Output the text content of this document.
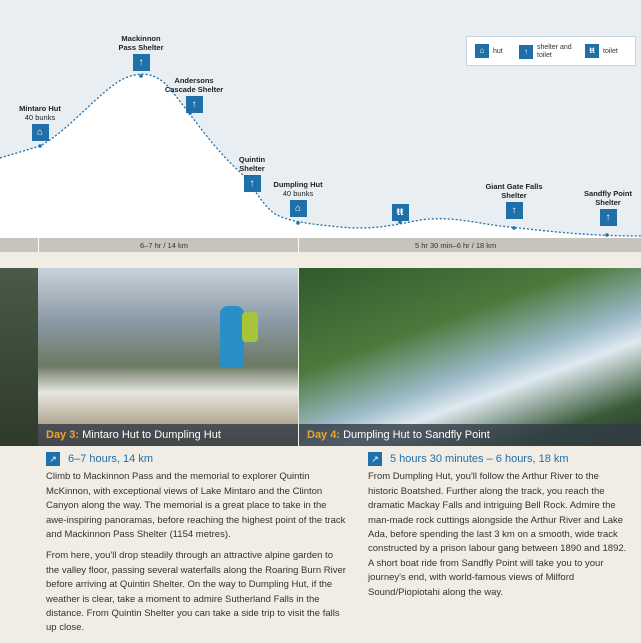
Mintaro Hut
40 bunks
⌂
Mackinnon Pass Shelter
↑
Andersons Cascade Shelter
↑
Quintin Shelter
↑	Dumpling Hut
40 bunks
⌂	ŧŧ
Giant Gate Falls Shelter
↑
Sandfly Point Shelter
↑
⌂	hut	↑	shelter and toilet
ŧŧ	toilet
6–7 hr / 14 km	5 hr 30 min–6 hr / 18 km
Day 3: Mintaro Hut to Dumpling Hut	Day 4: Dumpling Hut to Sandfly Point
↗ 6–7 hours, 14 km

Climb to Mackinnon Pass and the memorial to explorer Quintin McKinnon, with exceptional views of Lake Mintaro and the Clinton Canyon along the way. The memorial is a great place to take in the awe-inspiring panoramas, before reaching the highest point of the track and Mackinnon Pass Shelter (1154 metres).

From here, you'll drop steadily through an attractive alpine garden to the valley floor, passing several waterfalls along the Roaring Burn River before arriving at Quintin Shelter. On the way to Dumpling Hut, if the weather is clear, take a moment to admire Sutherland Falls in the distance. From Quintin Shelter you can take a side trip to visit the falls up close.

↗ 5 hours 30 minutes – 6 hours, 18 km

From Dumpling Hut, you'll follow the Arthur River to the historic Boatshed. Further along the track, you reach the dramatic Mackay Falls and intriguing Bell Rock. Admire the man-made rock cuttings alongside the Arthur River and Lake Ada, before spending the last 3 km on a smooth, wide track constructed by a prison labour gang between 1890 and 1892. A short boat ride from Sandfly Point will take you to your journey's end, with world-famous views of Milford Sound/Piopiotahi along the way.
